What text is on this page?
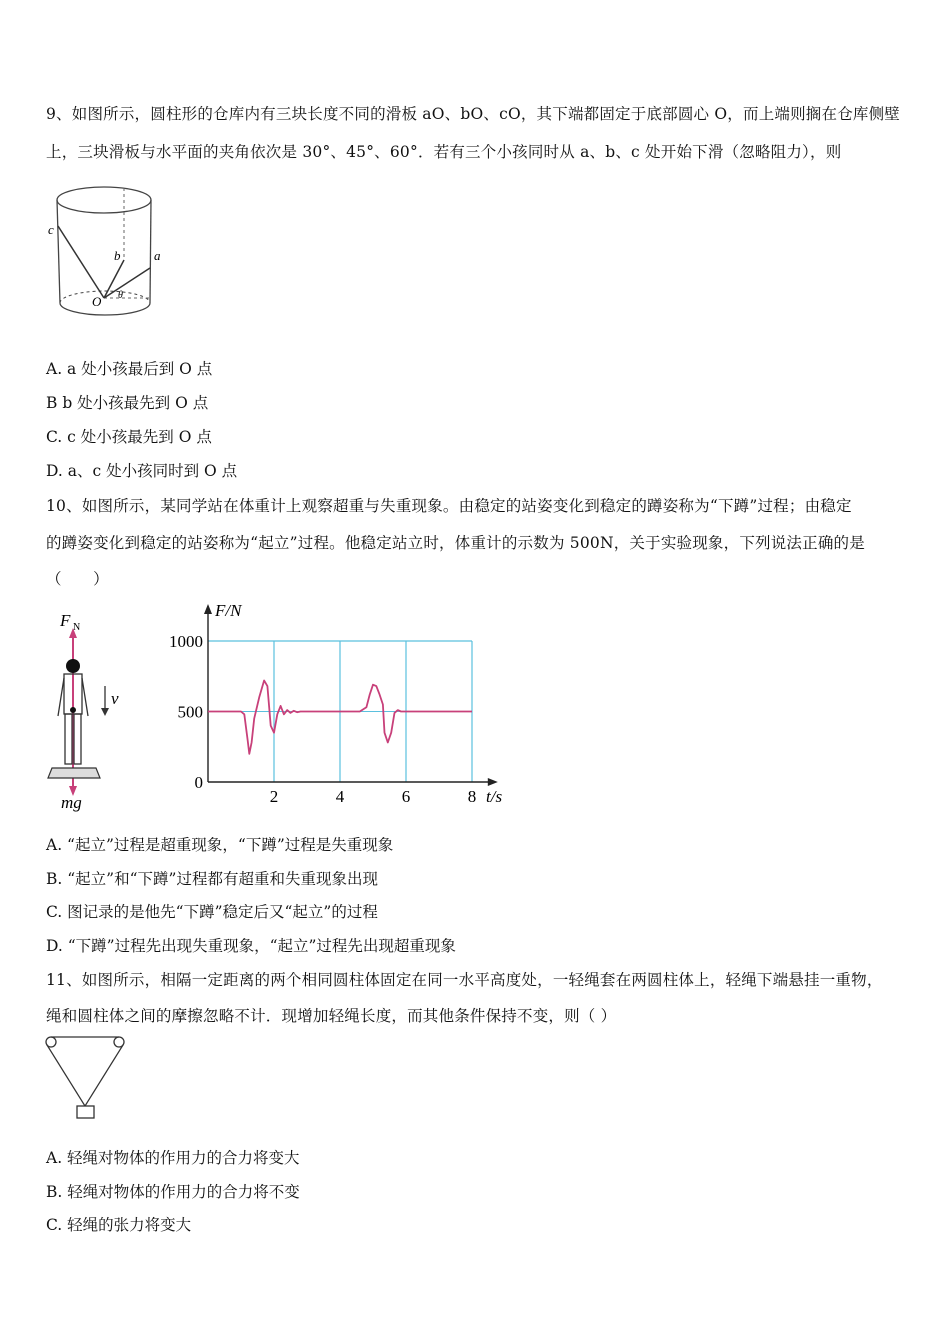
9、如图所示，圆柱形的仓库内有三块长度不同的滑板 aO、bO、cO，其下端都固定于底部圆心 O，而上端则搁在仓库侧壁
上，三块滑板与水平面的夹角依次是 30°、45°、60°．若有三个小孩同时从 a、b、c 处开始下滑（忽略阻力），则
c
b	a
O θ
A. a 处小孩最后到 O 点
B b 处小孩最先到 O 点
C. c 处小孩最先到 O 点
D. a、c 处小孩同时到 O 点
10、如图所示，某同学站在体重计上观察超重与失重现象。由稳定的站姿变化到稳定的蹲姿称为“下蹲”过程；由稳定
的蹲姿变化到稳定的站姿称为“起立”过程。他稳定站立时，体重计的示数为 500N，关于实验现象，下列说法正确的是
（　　）
F N
v
mg	2	4	6	8
0
500
1000
F/N
t/s
A. “起立”过程是超重现象，“下蹲”过程是失重现象
B. “起立”和“下蹲”过程都有超重和失重现象出现
C. 图记录的是他先“下蹲”稳定后又“起立”的过程
D. “下蹲”过程先出现失重现象，“起立”过程先出现超重现象
11、如图所示，相隔一定距离的两个相同圆柱体固定在同一水平高度处，一轻绳套在两圆柱体上，轻绳下端悬挂一重物，
绳和圆柱体之间的摩擦忽略不计．现增加轻绳长度，而其他条件保持不变，则（ ）
A. 轻绳对物体的作用力的合力将变大
B. 轻绳对物体的作用力的合力将不变
C. 轻绳的张力将变大
